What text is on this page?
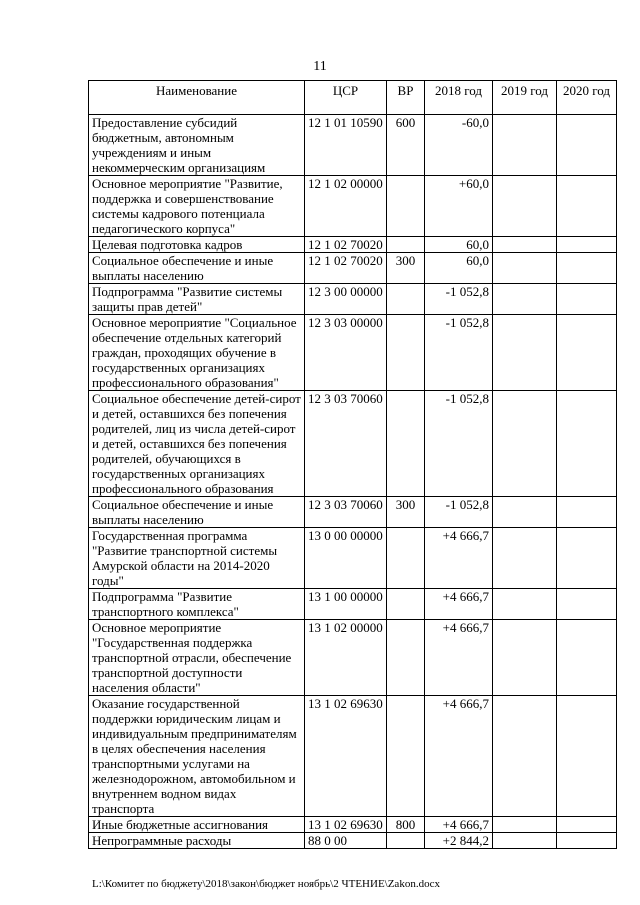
11
Наименование	ЦСР	ВР	2018 год	2019 год	2020 год
Предоставление субсидий бюджетным, автономным учреждениям и иным некоммерческим организациям	12 1 01 10590	600	-60,0		
Основное мероприятие "Развитие, поддержка и совершенствование системы кадрового потенциала педагогического корпуса"	12 1 02 00000		+60,0		
Целевая подготовка кадров	12 1 02 70020		60,0		
Социальное обеспечение и иные выплаты населению	12 1 02 70020	300	60,0		
Подпрограмма "Развитие системы защиты прав детей"	12 3 00 00000		-1 052,8		
Основное мероприятие "Социальное обеспечение отдельных категорий граждан, проходящих обучение в государственных организациях профессионального образования"	12 3 03 00000		-1 052,8		
Социальное обеспечение детей-сирот и детей, оставшихся без попечения родителей, лиц из числа детей-сирот и детей, оставшихся без попечения родителей, обучающихся в государственных организациях профессионального образования	12 3 03 70060		-1 052,8		
Социальное обеспечение и иные выплаты населению	12 3 03 70060	300	-1 052,8		
Государственная программа "Развитие транспортной системы Амурской области на 2014-2020 годы"	13 0 00 00000		+4 666,7		
Подпрограмма "Развитие транспортного комплекса"	13 1 00 00000		+4 666,7		
Основное мероприятие "Государственная поддержка транспортной отрасли, обеспечение транспортной доступности населения области"	13 1 02 00000		+4 666,7		
Оказание государственной поддержки юридическим лицам и индивидуальным предпринимателям в целях обеспечения населения транспортными услугами на железнодорожном, автомобильном и внутреннем водном видах транспорта	13 1 02 69630		+4 666,7		
Иные бюджетные ассигнования	13 1 02 69630	800	+4 666,7		
Непрограммные расходы	88 0 00		+2 844,2		
L:\Комитет по бюджету\2018\закон\бюджет ноябрь\2 ЧТЕНИЕ\Zakon.docx
